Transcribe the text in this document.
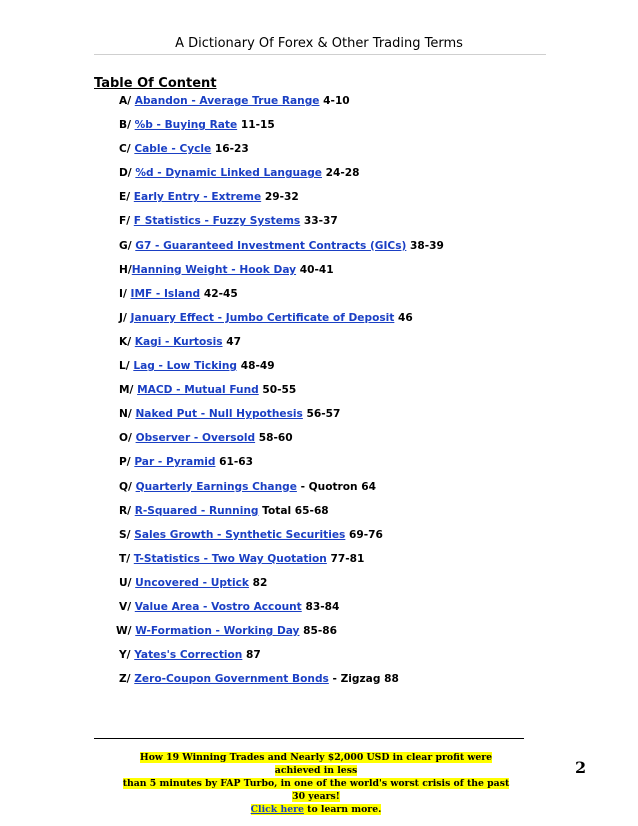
A Dictionary Of Forex & Other Trading Terms
Table Of Content
A/ Abandon - Average True Range 4-10
B/ %b - Buying Rate 11-15
C/ Cable - Cycle 16-23
D/ %d - Dynamic Linked Language 24-28
E/ Early Entry - Extreme 29-32
F/ F Statistics - Fuzzy Systems 33-37
G/ G7 - Guaranteed Investment Contracts (GICs) 38-39
H/Hanning Weight - Hook Day 40-41
I/ IMF - Island 42-45
J/ January Effect - Jumbo Certificate of Deposit 46
K/ Kagi - Kurtosis 47
L/ Lag - Low Ticking 48-49
M/ MACD - Mutual Fund 50-55
N/ Naked Put - Null Hypothesis 56-57
O/ Observer - Oversold 58-60
P/ Par - Pyramid 61-63
Q/ Quarterly Earnings Change - Quotron 64
R/ R-Squared - Running Total 65-68
S/ Sales Growth - Synthetic Securities 69-76
T/ T-Statistics - Two Way Quotation 77-81
U/ Uncovered - Uptick 82
V/ Value Area - Vostro Account 83-84
W/ W-Formation - Working Day 85-86
Y/ Yates's Correction 87
Z/ Zero-Coupon Government Bonds - Zigzag 88
How 19 Winning Trades and Nearly $2,000 USD in clear profit were achieved in less
than 5 minutes by FAP Turbo, in one of the world's worst crisis of the past 30 years!
Click here to learn more.
2
